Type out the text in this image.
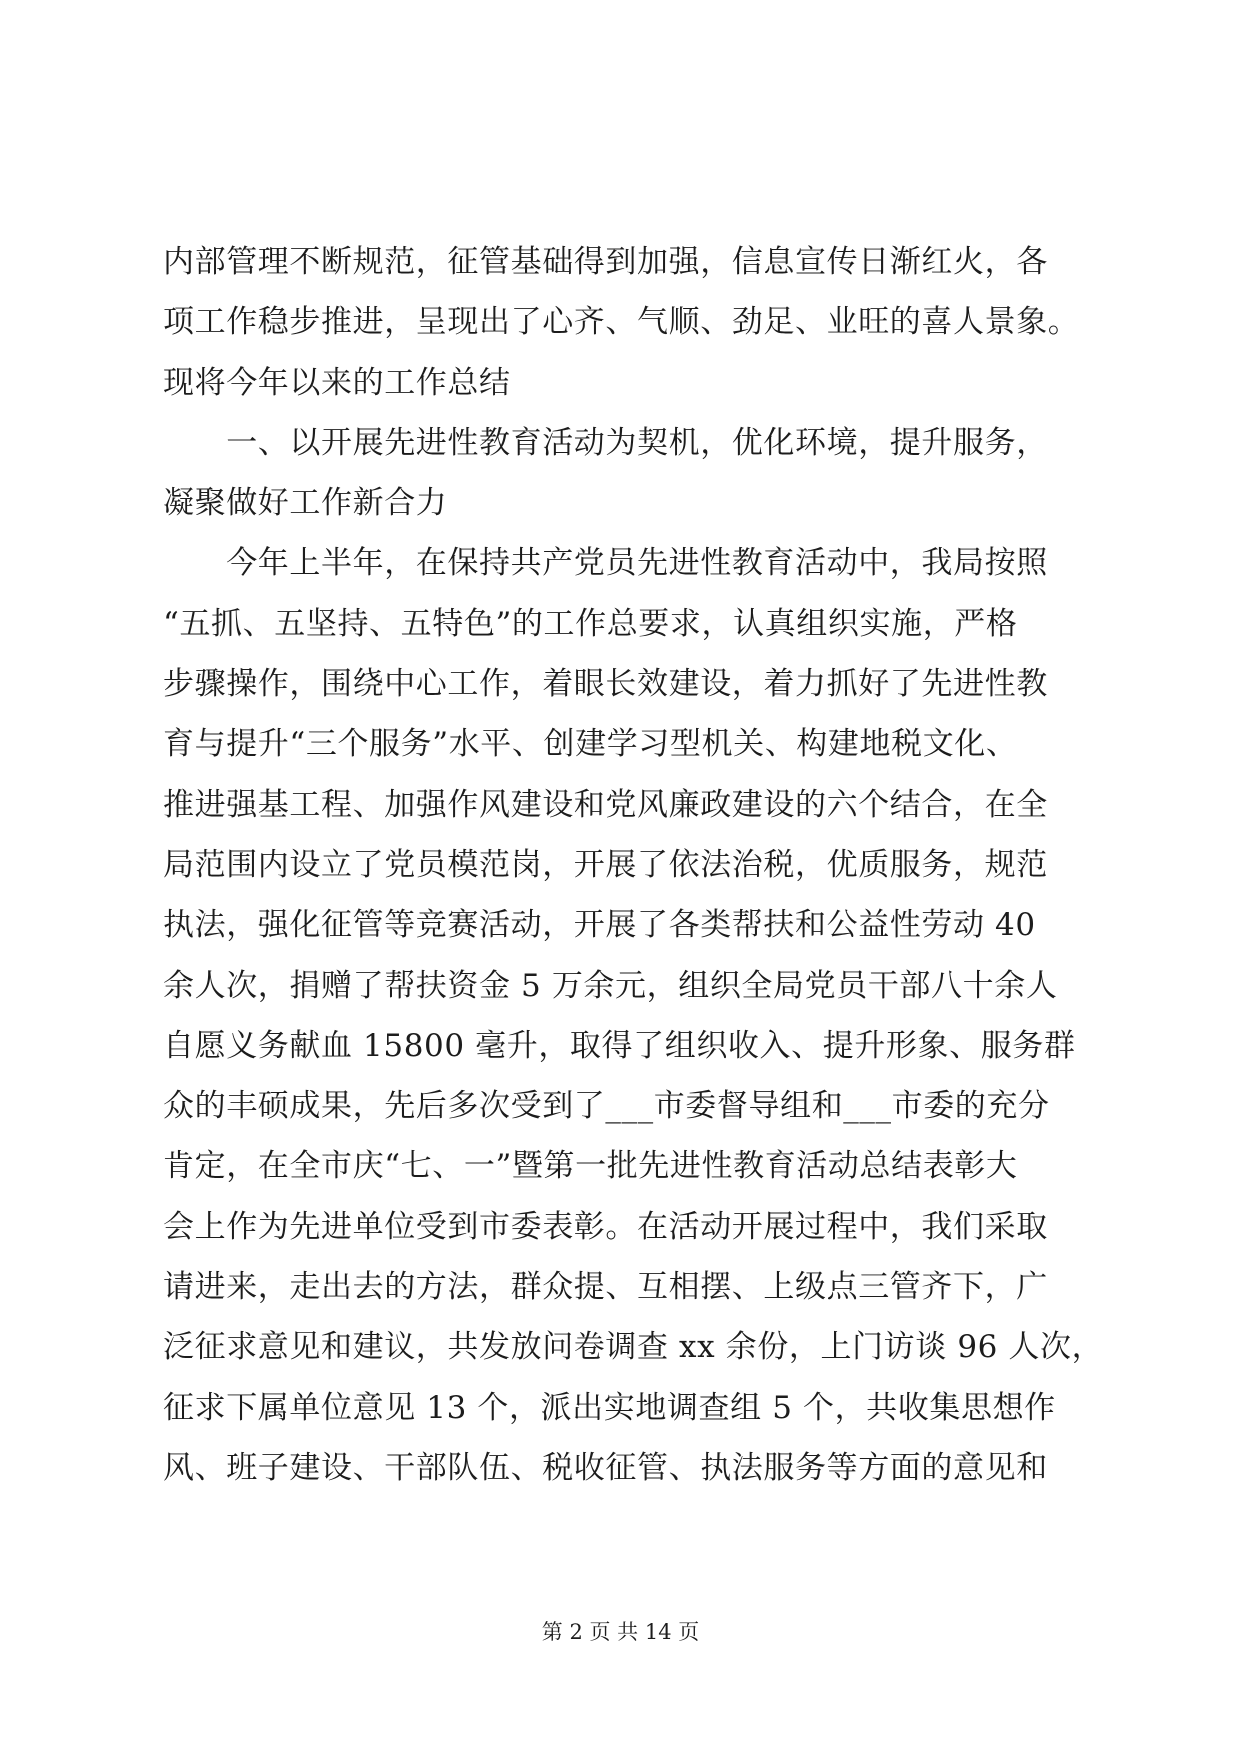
内部管理不断规范，征管基础得到加强，信息宣传日渐红火，各
项工作稳步推进，呈现出了心齐、气顺、劲足、业旺的喜人景象。
现将今年以来的工作总结
　　一、以开展先进性教育活动为契机，优化环境，提升服务，
凝聚做好工作新合力
　　今年上半年，在保持共产党员先进性教育活动中，我局按照
“五抓、五坚持、五特色”的工作总要求，认真组织实施，严格
步骤操作，围绕中心工作，着眼长效建设，着力抓好了先进性教
育与提升“三个服务”水平、创建学习型机关、构建地税文化、
推进强基工程、加强作风建设和党风廉政建设的六个结合，在全
局范围内设立了党员模范岗，开展了依法治税，优质服务，规范
执法，强化征管等竞赛活动，开展了各类帮扶和公益性劳动 40
余人次，捐赠了帮扶资金 5 万余元，组织全局党员干部八十余人
自愿义务献血 15800 毫升，取得了组织收入、提升形象、服务群
众的丰硕成果，先后多次受到了___市委督导组和___市委的充分
肯定，在全市庆“七、一”暨第一批先进性教育活动总结表彰大
会上作为先进单位受到市委表彰。在活动开展过程中，我们采取
请进来，走出去的方法，群众提、互相摆、上级点三管齐下，广
泛征求意见和建议，共发放问卷调查 xx 余份，上门访谈 96 人次，
征求下属单位意见 13 个，派出实地调查组 5 个，共收集思想作
风、班子建设、干部队伍、税收征管、执法服务等方面的意见和
第 2 页 共 14 页
